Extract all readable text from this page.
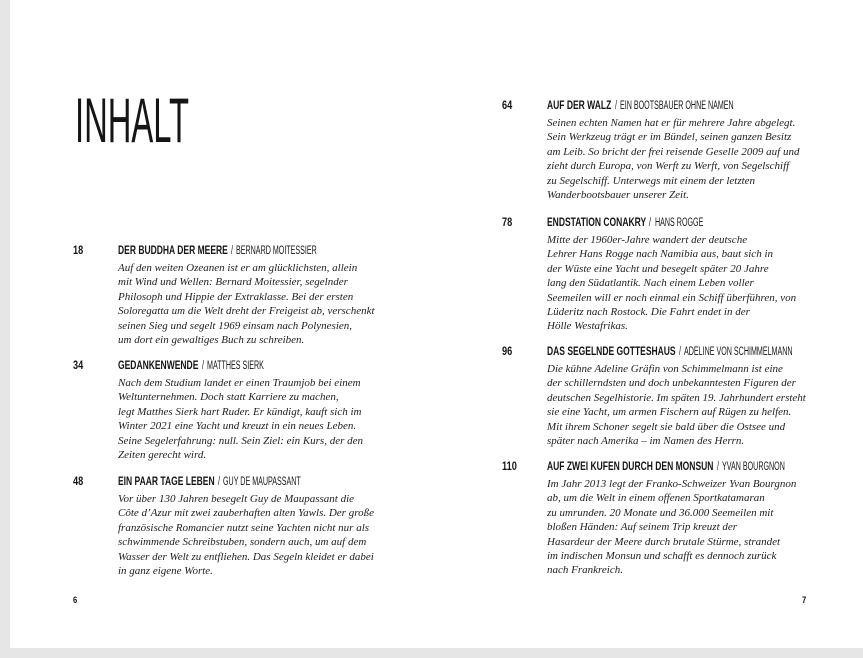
INHALT
18	DER BUDDHA DER MEERE / BERNARD MOITESSIER
Auf den weiten Ozeanen ist er am glücklichsten, allein
mit Wind und Wellen: Bernard Moitessier, segelnder
Philosoph und Hippie der Extraklasse. Bei der ersten
Soloregatta um die Welt dreht der Freigeist ab, verschenkt
seinen Sieg und segelt 1969 einsam nach Polynesien,
um dort ein gewaltiges Buch zu schreiben.
34	GEDANKENWENDE / MATTHES SIERK
Nach dem Studium landet er einen Traumjob bei einem
Weltunternehmen. Doch statt Karriere zu machen,
legt Matthes Sierk hart Ruder. Er kündigt, kauft sich im
Winter 2021 eine Yacht und kreuzt in ein neues Leben.
Seine Segelerfahrung: null. Sein Ziel: ein Kurs, der den
Zeiten gerecht wird.
48	EIN PAAR TAGE LEBEN / GUY DE MAUPASSANT
Vor über 130 Jahren besegelt Guy de Maupassant die
Côte d’Azur mit zwei zauberhaften alten Yawls. Der große
französische Romancier nutzt seine Yachten nicht nur als
schwimmende Schreibstuben, sondern auch, um auf dem
Wasser der Welt zu entfliehen. Das Segeln kleidet er dabei
in ganz eigene Worte.
6
64	AUF DER WALZ / EIN BOOTSBAUER OHNE NAMEN
Seinen echten Namen hat er für mehrere Jahre abgelegt.
Sein Werkzeug trägt er im Bündel, seinen ganzen Besitz
am Leib. So bricht der frei reisende Geselle 2009 auf und
zieht durch Europa, von Werft zu Werft, von Segelschiff
zu Segelschiff. Unterwegs mit einem der letzten
Wanderbootsbauer unserer Zeit.
78	ENDSTATION CONAKRY / HANS ROGGE
Mitte der 1960er-Jahre wandert der deutsche
Lehrer Hans Rogge nach Namibia aus, baut sich in
der Wüste eine Yacht und besegelt später 20 Jahre
lang den Südatlantik. Nach einem Leben voller
Seemeilen will er noch einmal ein Schiff überführen, von
Lüderitz nach Rostock. Die Fahrt endet in der
Hölle Westafrikas.
96	DAS SEGELNDE GOTTESHAUS / ADELINE VON SCHIMMELMANN
Die kühne Adeline Gräfin von Schimmelmann ist eine
der schillerndsten und doch unbekanntesten Figuren der
deutschen Segelhistorie. Im späten 19. Jahrhundert ersteht
sie eine Yacht, um armen Fischern auf Rügen zu helfen.
Mit ihrem Schoner segelt sie bald über die Ostsee und
später nach Amerika – im Namen des Herrn.
110	AUF ZWEI KUFEN DURCH DEN MONSUN / YVAN BOURGNON
Im Jahr 2013 legt der Franko-Schweizer Yvan Bourgnon
ab, um die Welt in einem offenen Sportkatamaran
zu umrunden. 20 Monate und 36.000 Seemeilen mit
bloßen Händen: Auf seinem Trip kreuzt der
Hasardeur der Meere durch brutale Stürme, strandet
im indischen Monsun und schafft es dennoch zurück
nach Frankreich.
7
